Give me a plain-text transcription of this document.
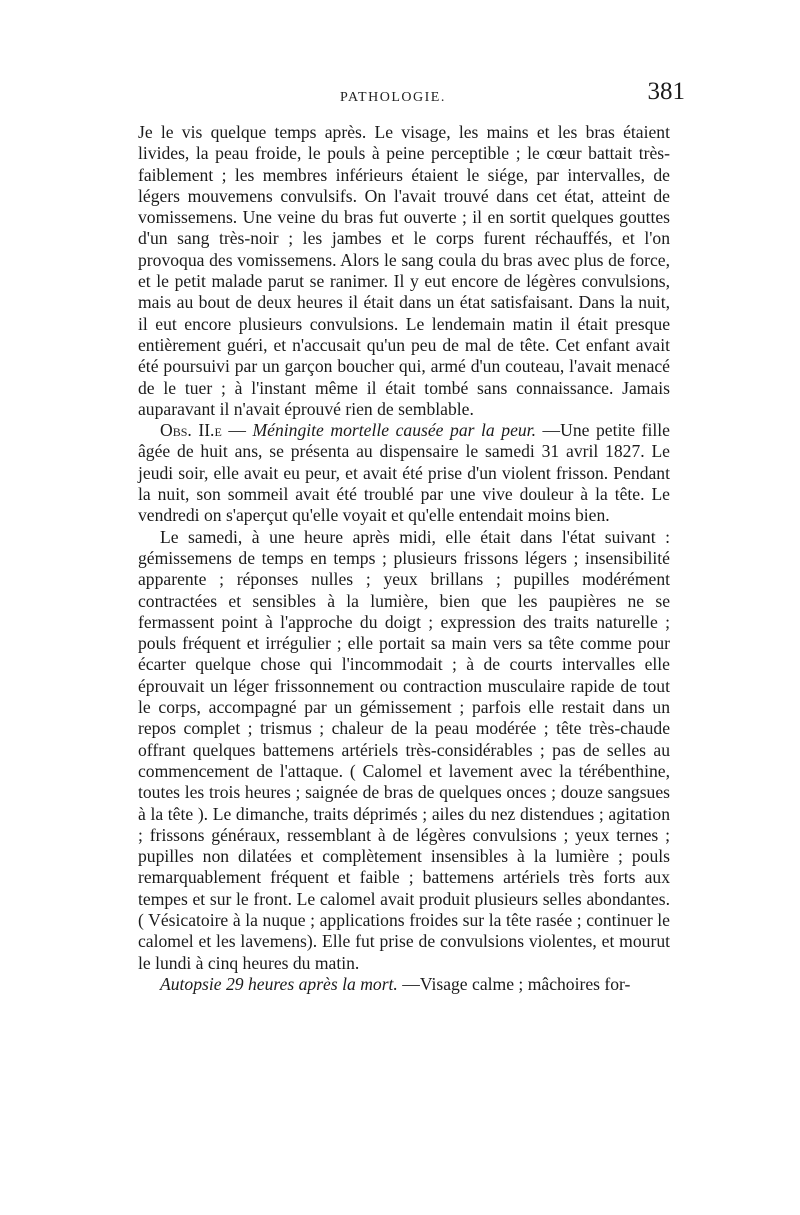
PATHOLOGIE.	381

Je le vis quelque temps après. Le visage, les mains et les bras étaient livides, la peau froide, le pouls à peine perceptible ; le cœur battait très-faiblement ; les membres inférieurs étaient le siége, par intervalles, de légers mouvemens convulsifs. On l'avait trouvé dans cet état, atteint de vomissemens. Une veine du bras fut ouverte ; il en sortit quelques gouttes d'un sang très-noir ; les jambes et le corps furent réchauffés, et l'on provoqua des vomissemens. Alors le sang coula du bras avec plus de force, et le petit malade parut se ranimer. Il y eut encore de légères convulsions, mais au bout de deux heures il était dans un état satisfaisant. Dans la nuit, il eut encore plusieurs convulsions. Le lendemain matin il était presque entièrement guéri, et n'accusait qu'un peu de mal de tête. Cet enfant avait été poursuivi par un garçon boucher qui, armé d'un couteau, l'avait menacé de le tuer ; à l'instant même il était tombé sans connaissance. Jamais auparavant il n'avait éprouvé rien de semblable.

Obs. II.e — Méningite mortelle causée par la peur. —Une petite fille âgée de huit ans, se présenta au dispensaire le samedi 31 avril 1827. Le jeudi soir, elle avait eu peur, et avait été prise d'un violent frisson. Pendant la nuit, son sommeil avait été troublé par une vive douleur à la tête. Le vendredi on s'aperçut qu'elle voyait et qu'elle entendait moins bien.

Le samedi, à une heure après midi, elle était dans l'état suivant : gémissemens de temps en temps ; plusieurs frissons légers ; insensibilité apparente ; réponses nulles ; yeux brillans ; pupilles modérément contractées et sensibles à la lumière, bien que les paupières ne se fermassent point à l'approche du doigt ; expression des traits naturelle ; pouls fréquent et irrégulier ; elle portait sa main vers sa tête comme pour écarter quelque chose qui l'incommodait ; à de courts intervalles elle éprouvait un léger frissonnement ou contraction musculaire rapide de tout le corps, accompagné par un gémissement ; parfois elle restait dans un repos complet ; trismus ; chaleur de la peau modérée ; tête très-chaude offrant quelques battemens artériels très-considérables ; pas de selles au commencement de l'attaque. ( Calomel et lavement avec la térébenthine, toutes les trois heures ; saignée de bras de quelques onces ; douze sangsues à la tête ). Le dimanche, traits déprimés ; ailes du nez distendues ; agitation ; frissons généraux, ressemblant à de légères convulsions ; yeux ternes ; pupilles non dilatées et complètement insensibles à la lumière ; pouls remarquablement fréquent et faible ; battemens artériels très forts aux tempes et sur le front. Le calomel avait produit plusieurs selles abondantes. ( Vésicatoire à la nuque ; applications froides sur la tête rasée ; continuer le calomel et les lavemens). Elle fut prise de convulsions violentes, et mourut le lundi à cinq heures du matin.

Autopsie 29 heures après la mort. —Visage calme ; mâchoires for-
